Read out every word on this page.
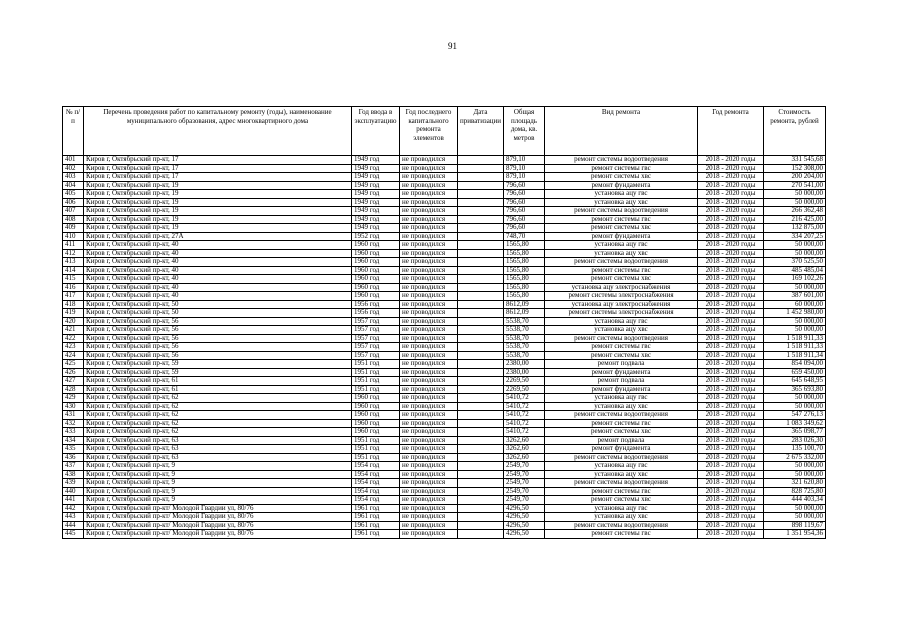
91
№ п/п	Перечень проведения работ по капитальному ремонту (годы), наименование муниципального образования, адрес многоквартирного дома	Год ввода в эксплуатацию	Год последнего капитального ремонта элементов	Дата приватизации	Общая площадь дома, кв. метров	Вид ремонта	Год ремонта	Стоимость ремонта, рублей
401	Киров г, Октябрьский пр-кт, 17	1949 год	не проводился		879,10	ремонт системы водоотведения	2018 - 2020 годы	331 545,68
402	Киров г, Октябрьский пр-кт, 17	1949 год	не проводился		879,10	ремонт системы гвс	2018 - 2020 годы	152 308,00
403	Киров г, Октябрьский пр-кт, 17	1949 год	не проводился		879,10	ремонт системы хвс	2018 - 2020 годы	200 204,00
404	Киров г, Октябрьский пр-кт, 19	1949 год	не проводился		796,60	ремонт фундамента	2018 - 2020 годы	270 541,00
405	Киров г, Октябрьский пр-кт, 19	1949 год	не проводился		796,60	установка ацу гвс	2018 - 2020 годы	50 000,00
406	Киров г, Октябрьский пр-кт, 19	1949 год	не проводился		796,60	установка ацу хвс	2018 - 2020 годы	50 000,00
407	Киров г, Октябрьский пр-кт, 19	1949 год	не проводился		796,60	ремонт системы водоотведения	2018 - 2020 годы	266 362,48
408	Киров г, Октябрьский пр-кт, 19	1949 год	не проводился		796,60	ремонт системы гвс	2018 - 2020 годы	216 425,00
409	Киров г, Октябрьский пр-кт, 19	1949 год	не проводился		796,60	ремонт системы хвс	2018 - 2020 годы	132 875,00
410	Киров г, Октябрьский пр-кт, 27А	1952 год	не проводился		748,70	ремонт фундамента	2018 - 2020 годы	334 207,25
411	Киров г, Октябрьский пр-кт, 40	1960 год	не проводился		1565,80	установка ацу гвс	2018 - 2020 годы	50 000,00
412	Киров г, Октябрьский пр-кт, 40	1960 год	не проводился		1565,80	установка ацу хвс	2018 - 2020 годы	50 000,00
413	Киров г, Октябрьский пр-кт, 40	1960 год	не проводился		1565,80	ремонт системы водоотведения	2018 - 2020 годы	370 525,50
414	Киров г, Октябрьский пр-кт, 40	1960 год	не проводился		1565,80	ремонт системы гвс	2018 - 2020 годы	485 485,04
415	Киров г, Октябрьский пр-кт, 40	1960 год	не проводился		1565,80	ремонт системы хвс	2018 - 2020 годы	169 102,26
416	Киров г, Октябрьский пр-кт, 40	1960 год	не проводился		1565,80	установка ацу электроснабжения	2018 - 2020 годы	50 000,00
417	Киров г, Октябрьский пр-кт, 40	1960 год	не проводился		1565,80	ремонт системы электроснабжения	2018 - 2020 годы	387 601,00
418	Киров г, Октябрьский пр-кт, 50	1956 год	не проводился		8612,09	установка ацу электроснабжения	2018 - 2020 годы	60 000,00
419	Киров г, Октябрьский пр-кт, 50	1956 год	не проводился		8612,09	ремонт системы электроснабжения	2018 - 2020 годы	1 452 980,00
420	Киров г, Октябрьский пр-кт, 56	1957 год	не проводился		5538,70	установка ацу гвс	2018 - 2020 годы	50 000,00
421	Киров г, Октябрьский пр-кт, 56	1957 год	не проводился		5538,70	установка ацу хвс	2018 - 2020 годы	50 000,00
422	Киров г, Октябрьский пр-кт, 56	1957 год	не проводился		5538,70	ремонт системы водоотведения	2018 - 2020 годы	1 518 911,33
423	Киров г, Октябрьский пр-кт, 56	1957 год	не проводился		5538,70	ремонт системы гвс	2018 - 2020 годы	1 518 911,33
424	Киров г, Октябрьский пр-кт, 56	1957 год	не проводился		5538,70	ремонт системы хвс	2018 - 2020 годы	1 518 911,34
425	Киров г, Октябрьский пр-кт, 59	1951 год	не проводился		2380,00	ремонт подвала	2018 - 2020 годы	854 094,00
426	Киров г, Октябрьский пр-кт, 59	1951 год	не проводился		2380,00	ремонт фундамента	2018 - 2020 годы	659 450,00
427	Киров г, Октябрьский пр-кт, 61	1951 год	не проводился		2269,50	ремонт подвала	2018 - 2020 годы	645 648,95
428	Киров г, Октябрьский пр-кт, 61	1951 год	не проводился		2269,50	ремонт фундамента	2018 - 2020 годы	365 693,80
429	Киров г, Октябрьский пр-кт, 62	1960 год	не проводился		5410,72	установка ацу гвс	2018 - 2020 годы	50 000,00
430	Киров г, Октябрьский пр-кт, 62	1960 год	не проводился		5410,72	установка ацу хвс	2018 - 2020 годы	50 000,00
431	Киров г, Октябрьский пр-кт, 62	1960 год	не проводился		5410,72	ремонт системы водоотведения	2018 - 2020 годы	547 276,13
432	Киров г, Октябрьский пр-кт, 62	1960 год	не проводился		5410,72	ремонт системы гвс	2018 - 2020 годы	1 083 349,62
433	Киров г, Октябрьский пр-кт, 62	1960 год	не проводился		5410,72	ремонт системы хвс	2018 - 2020 годы	365 098,77
434	Киров г, Октябрьский пр-кт, 63	1951 год	не проводился		3262,60	ремонт подвала	2018 - 2020 годы	283 026,30
435	Киров г, Октябрьский пр-кт, 63	1951 год	не проводился		3262,60	ремонт фундамента	2018 - 2020 годы	135 100,70
436	Киров г, Октябрьский пр-кт, 63	1951 год	не проводился		3262,60	ремонт системы водоотведения	2018 - 2020 годы	2 675 332,00
437	Киров г, Октябрьский пр-кт, 9	1954 год	не проводился		2549,70	установка ацу гвс	2018 - 2020 годы	50 000,00
438	Киров г, Октябрьский пр-кт, 9	1954 год	не проводился		2549,70	установка ацу хвс	2018 - 2020 годы	50 000,00
439	Киров г, Октябрьский пр-кт, 9	1954 год	не проводился		2549,70	ремонт системы водоотведения	2018 - 2020 годы	321 620,80
440	Киров г, Октябрьский пр-кт, 9	1954 год	не проводился		2549,70	ремонт системы гвс	2018 - 2020 годы	828 725,80
441	Киров г, Октябрьский пр-кт, 9	1954 год	не проводился		2549,70	ремонт системы хвс	2018 - 2020 годы	444 403,34
442	Киров г, Октябрьский пр-кт/ Молодой Гвардии ул, 80/76	1961 год	не проводился		4296,50	установка ацу гвс	2018 - 2020 годы	50 000,00
443	Киров г, Октябрьский пр-кт/ Молодой Гвардии ул, 80/76	1961 год	не проводился		4296,50	установка ацу хвс	2018 - 2020 годы	50 000,00
444	Киров г, Октябрьский пр-кт/ Молодой Гвардии ул, 80/76	1961 год	не проводился		4296,50	ремонт системы водоотведения	2018 - 2020 годы	898 119,67
445	Киров г, Октябрьский пр-кт/ Молодой Гвардии ул, 80/76	1961 год	не проводился		4296,50	ремонт системы гвс	2018 - 2020 годы	1 351 954,36
